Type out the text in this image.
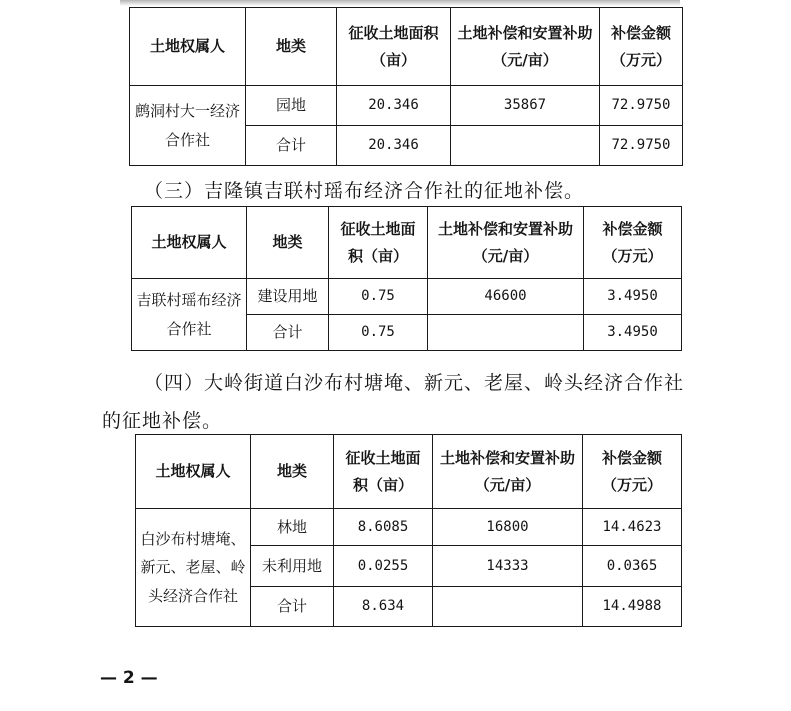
土地权属人	地类	征收土地面积（亩）	土地补偿和安置补助（元/亩）	补偿金额（万元）
鹧洞村大一经济合作社	园地	20.346	35867	72.9750
	合计	20.346		72.9750
（三）吉隆镇吉联村瑶布经济合作社的征地补偿。
土地权属人	地类	征收土地面积（亩）	土地补偿和安置补助（元/亩）	补偿金额（万元）
吉联村瑶布经济合作社	建设用地	0.75	46600	3.4950
	合计	0.75		3.4950
（四）大岭街道白沙布村塘埯、新元、老屋、岭头经济合作社
的征地补偿。
土地权属人	地类	征收土地面积（亩）	土地补偿和安置补助（元/亩）	补偿金额（万元）
白沙布村塘埯、新元、老屋、岭头经济合作社	林地	8.6085	16800	14.4623
	未利用地	0.0255	14333	0.0365
	合计	8.634		14.4988
— 2 —
